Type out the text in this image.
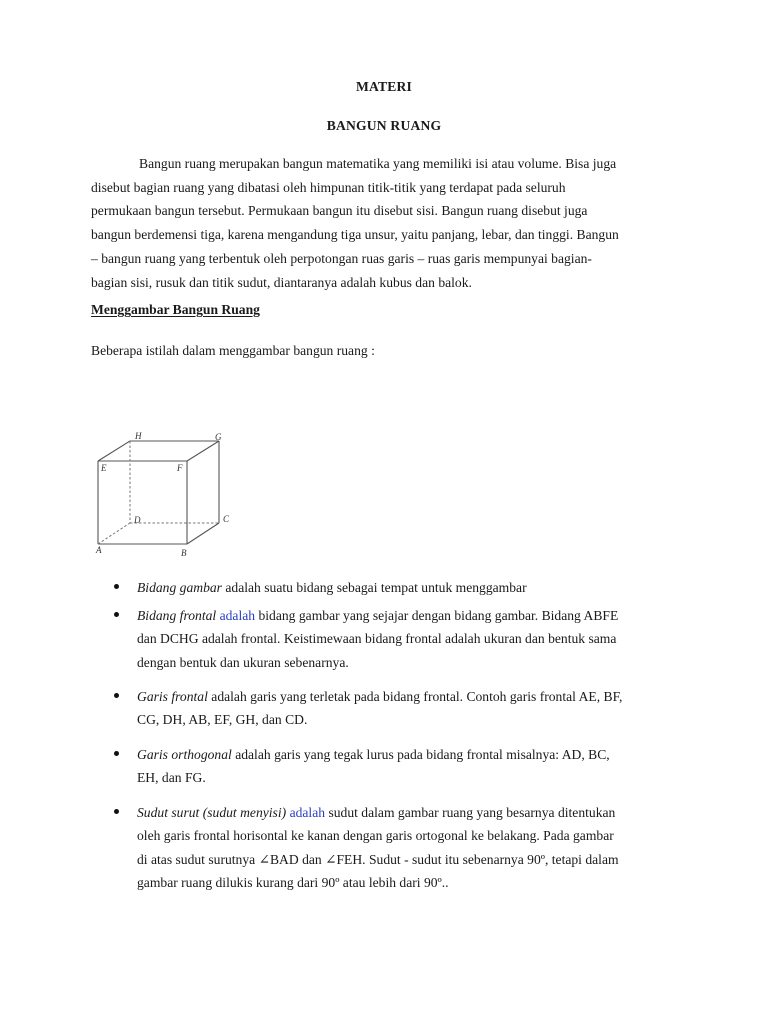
MATERI
BANGUN RUANG

Bangun ruang merupakan bangun matematika yang memiliki isi atau volume. Bisa juga
disebut bagian ruang yang dibatasi oleh himpunan titik-titik yang terdapat pada seluruh
permukaan bangun tersebut. Permukaan bangun itu disebut sisi. Bangun ruang disebut juga
bangun berdemensi tiga, karena mengandung tiga unsur, yaitu panjang, lebar, dan tinggi. Bangun
– bangun ruang yang terbentuk oleh perpotongan ruas garis – ruas garis mempunyai bagian-
bagian sisi, rusuk dan titik sudut, diantaranya adalah kubus dan balok.

Menggambar Bangun Ruang
Beberapa istilah dalam menggambar bangun ruang :
H	G
E	F
D	C
A	B
Bidang gambar adalah suatu bidang sebagai tempat untuk menggambar
Bidang frontal adalah bidang gambar yang sejajar dengan bidang gambar. Bidang ABFE
dan DCHG adalah frontal. Keistimewaan bidang frontal adalah ukuran dan bentuk sama
dengan bentuk dan ukuran sebenarnya.
Garis frontal adalah garis yang terletak pada bidang frontal. Contoh garis frontal AE, BF,
CG, DH, AB, EF, GH, dan CD.
Garis orthogonal adalah garis yang tegak lurus pada bidang frontal misalnya: AD, BC,
EH, dan FG.
Sudut surut (sudut menyisi) adalah sudut dalam gambar ruang yang besarnya ditentukan
oleh garis frontal horisontal ke kanan dengan garis ortogonal ke belakang. Pada gambar
di atas sudut surutnya ∠BAD dan ∠FEH. Sudut - sudut itu sebenarnya 90º, tetapi dalam
gambar ruang dilukis kurang dari 90º atau lebih dari 90º..
